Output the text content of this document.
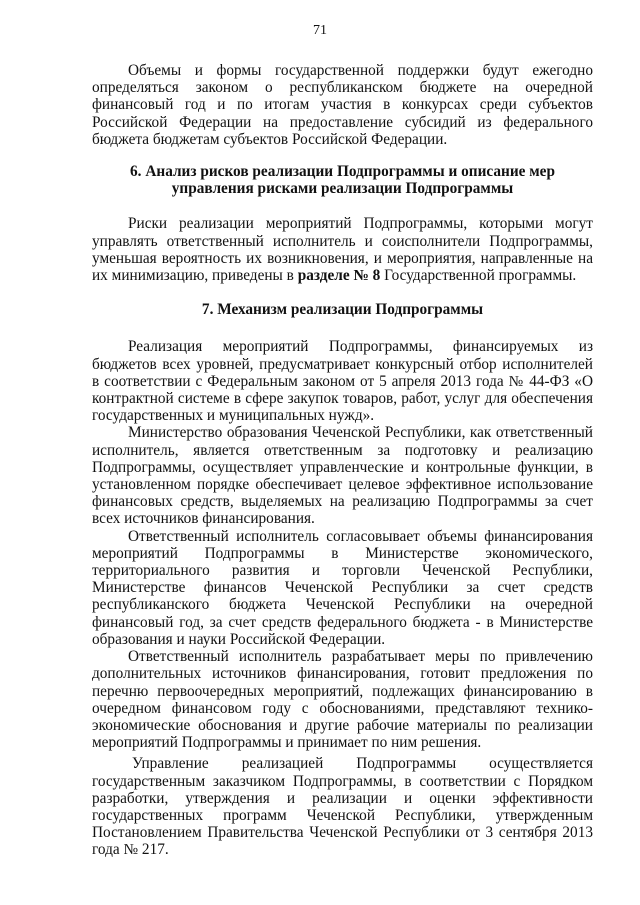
71

Объемы и формы государственной поддержки будут ежегодно определяться законом о республиканском бюджете на очередной финансовый год и по итогам участия в конкурсах среди субъектов Российской Федерации на предоставление субсидий из федерального бюджета бюджетам субъектов Российской Федерации.

6. Анализ рисков реализации Подпрограммы и описание мер
управления рисками реализации Подпрограммы

Риски реализации мероприятий Подпрограммы, которыми могут управлять ответственный исполнитель и соисполнители Подпрограммы, уменьшая вероятность их возникновения, и мероприятия, направленные на их минимизацию, приведены в разделе № 8 Государственной программы.

7. Механизм реализации Подпрограммы

Реализация мероприятий Подпрограммы, финансируемых из бюджетов всех уровней, предусматривает конкурсный отбор исполнителей в соответствии с Федеральным законом от 5 апреля 2013 года № 44-ФЗ «О контрактной системе в сфере закупок товаров, работ, услуг для обеспечения государственных и муниципальных нужд».

Министерство образования Чеченской Республики, как ответственный исполнитель, является ответственным за подготовку и реализацию Подпрограммы, осуществляет управленческие и контрольные функции, в установленном порядке обеспечивает целевое эффективное использование финансовых средств, выделяемых на реализацию Подпрограммы за счет всех источников финансирования.

Ответственный исполнитель согласовывает объемы финансирования мероприятий Подпрограммы в Министерстве экономического, территориального развития и торговли Чеченской Республики, Министерстве финансов Чеченской Республики за счет средств республиканского бюджета Чеченской Республики на очередной финансовый год, за счет средств федерального бюджета - в Министерстве образования и науки Российской Федерации.

Ответственный исполнитель разрабатывает меры по привлечению дополнительных источников финансирования, готовит предложения по перечню первоочередных мероприятий, подлежащих финансированию в очередном финансовом году с обоснованиями, представляют технико-экономические обоснования и другие рабочие материалы по реализации мероприятий Подпрограммы и принимает по ним решения.

Управление реализацией Подпрограммы осуществляется государственным заказчиком Подпрограммы, в соответствии с Порядком разработки, утверждения и реализации и оценки эффективности государственных программ Чеченской Республики, утвержденным Постановлением Правительства Чеченской Республики от 3 сентября 2013 года № 217.
